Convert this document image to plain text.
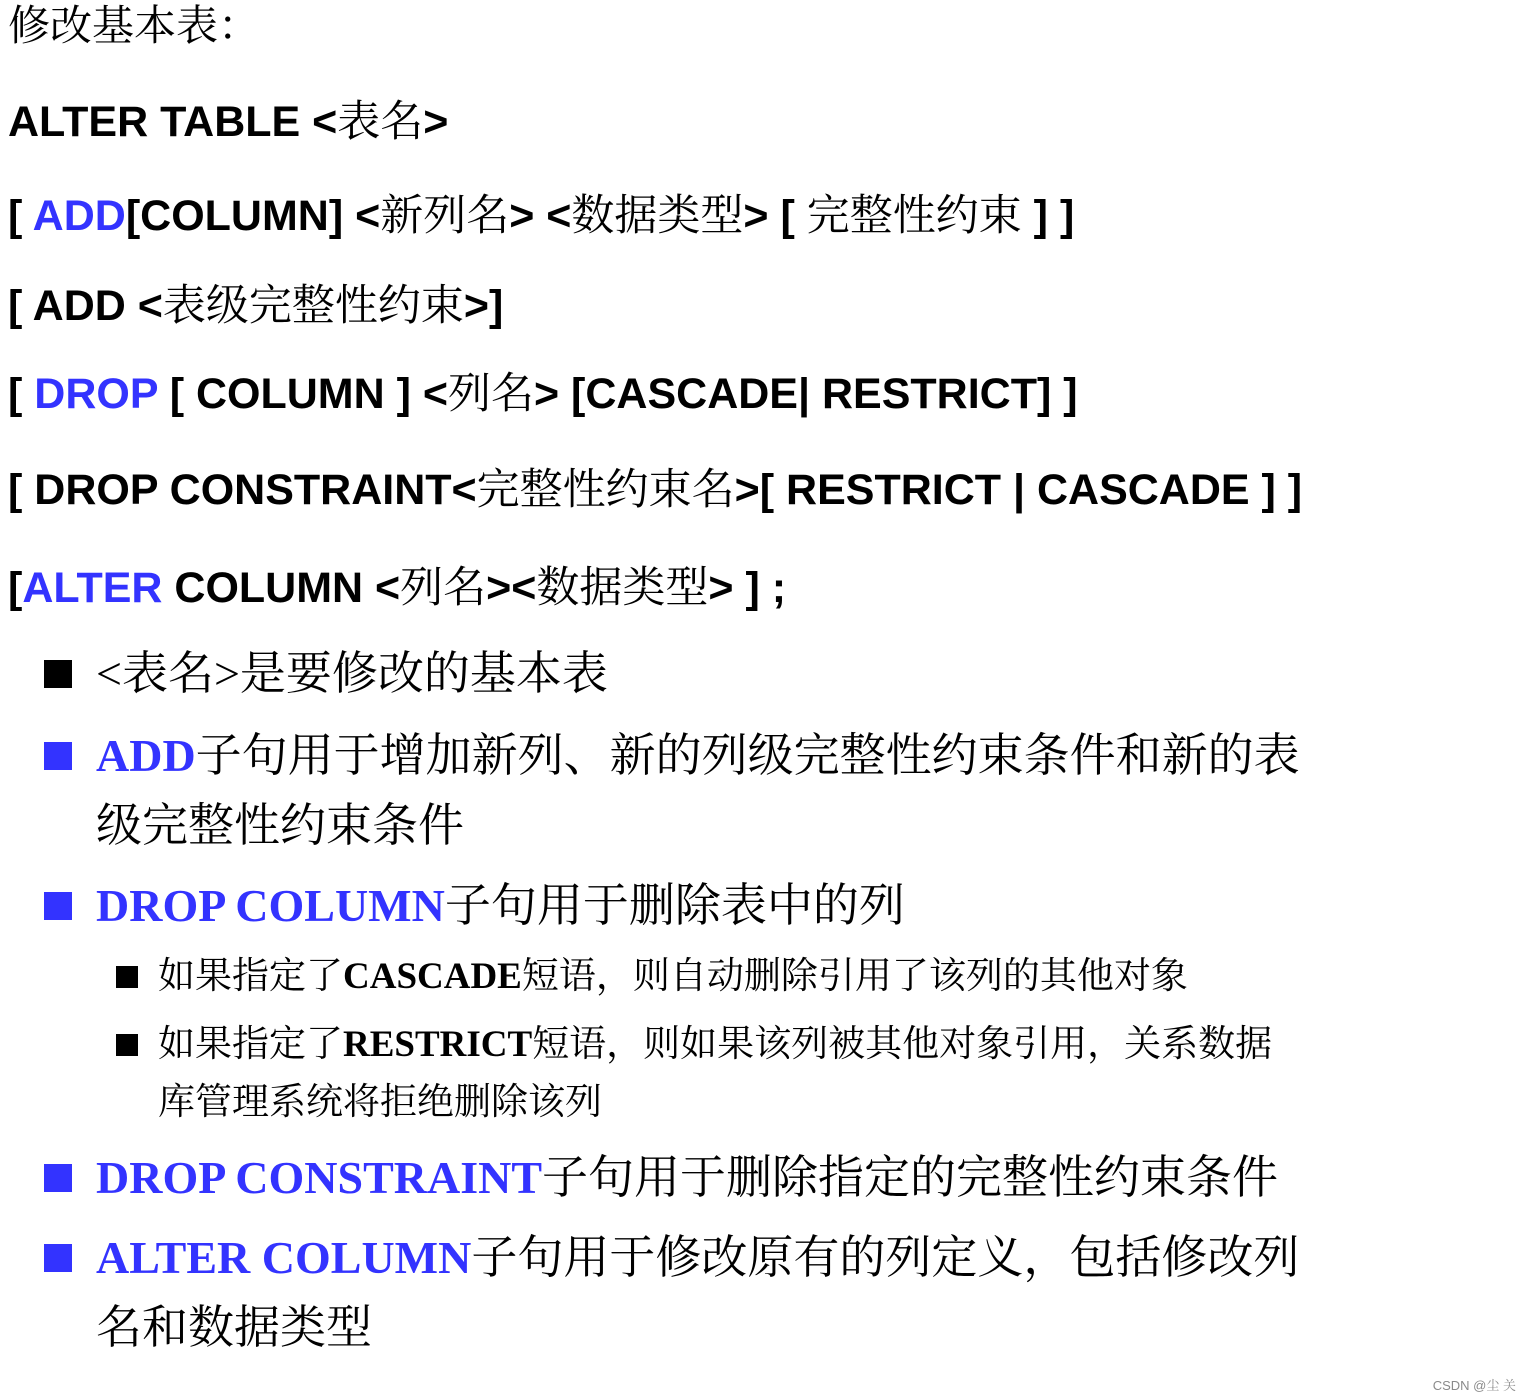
修改基本表：
ALTER TABLE <表名>
[ ADD[COLUMN] <新列名> <数据类型> [ 完整性约束 ] ]
[ ADD <表级完整性约束>]
[ DROP [ COLUMN ] <列名> [CASCADE| RESTRICT] ]
[ DROP CONSTRAINT<完整性约束名>[ RESTRICT | CASCADE ] ]
[ALTER COLUMN <列名><数据类型> ] ;
<表名>是要修改的基本表
ADD子句用于增加新列、新的列级完整性约束条件和新的表
级完整性约束条件
DROP COLUMN子句用于删除表中的列
如果指定了CASCADE短语，则自动删除引用了该列的其他对象
如果指定了RESTRICT短语，则如果该列被其他对象引用，关系数据
库管理系统将拒绝删除该列
DROP CONSTRAINT子句用于删除指定的完整性约束条件
ALTER COLUMN子句用于修改原有的列定义，包括修改列
名和数据类型
CSDN @尘 关
